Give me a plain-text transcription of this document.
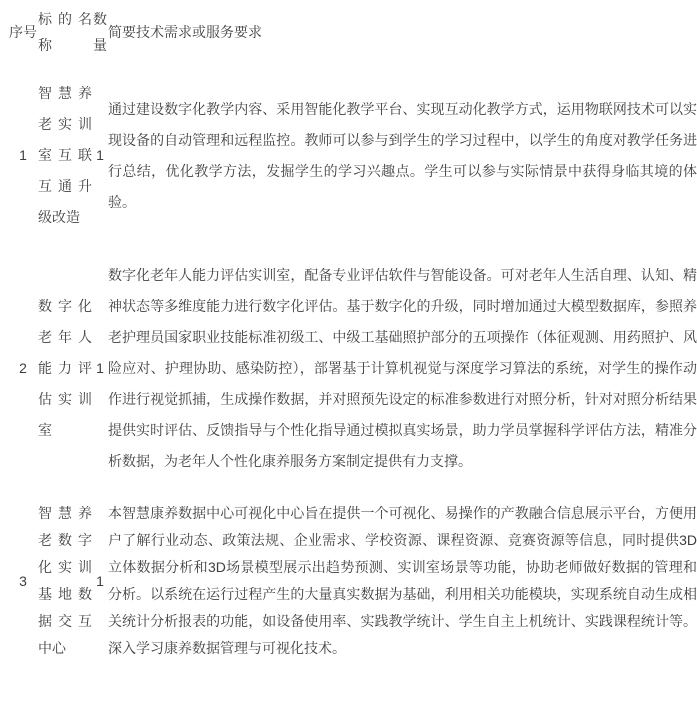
序号	标的名称	数量	简要技术需求或服务要求
1	智慧养老实训室互联互通升级改造	1	通过建设数字化教学内容、采用智能化教学平台、实现互动化教学方式，运用物联网技术可以实现设备的自动管理和远程监控。教师可以参与到学生的学习过程中，以学生的角度对教学任务进行总结，优化教学方法，发掘学生的学习兴趣点。学生可以参与实际情景中获得身临其境的体验。
2	数字化老年人能力评估实训室	1	数字化老年人能力评估实训室，配备专业评估软件与智能设备。可对老年人生活自理、认知、精神状态等多维度能力进行数字化评估。基于数字化的升级，同时增加通过大模型数据库，参照养老护理员国家职业技能标准初级工、中级工基础照护部分的五项操作（体征观测、用药照护、风险应对、护理协助、感染防控），部署基于计算机视觉与深度学习算法的系统，对学生的操作动作进行视觉抓捕，生成操作数据，并对照预先设定的标准参数进行对照分析，针对对照分析结果提供实时评估、反馈指导与个性化指导通过模拟真实场景，助力学员掌握科学评估方法，精准分析数据，为老年人个性化康养服务方案制定提供有力支撑。
3	智慧养老数字化实训基地数据交互中心	1	本智慧康养数据中心可视化中心旨在提供一个可视化、易操作的产教融合信息展示平台，方便用户了解行业动态、政策法规、企业需求、学校资源、课程资源、竞赛资源等信息，同时提供3D立体数据分析和3D场景模型展示出趋势预测、实训室场景等功能，协助老师做好数据的管理和分析。以系统在运行过程产生的大量真实数据为基础，利用相关功能模块，实现系统自动生成相关统计分析报表的功能，如设备使用率、实践教学统计、学生自主上机统计、实践课程统计等。深入学习康养数据管理与可视化技术。
